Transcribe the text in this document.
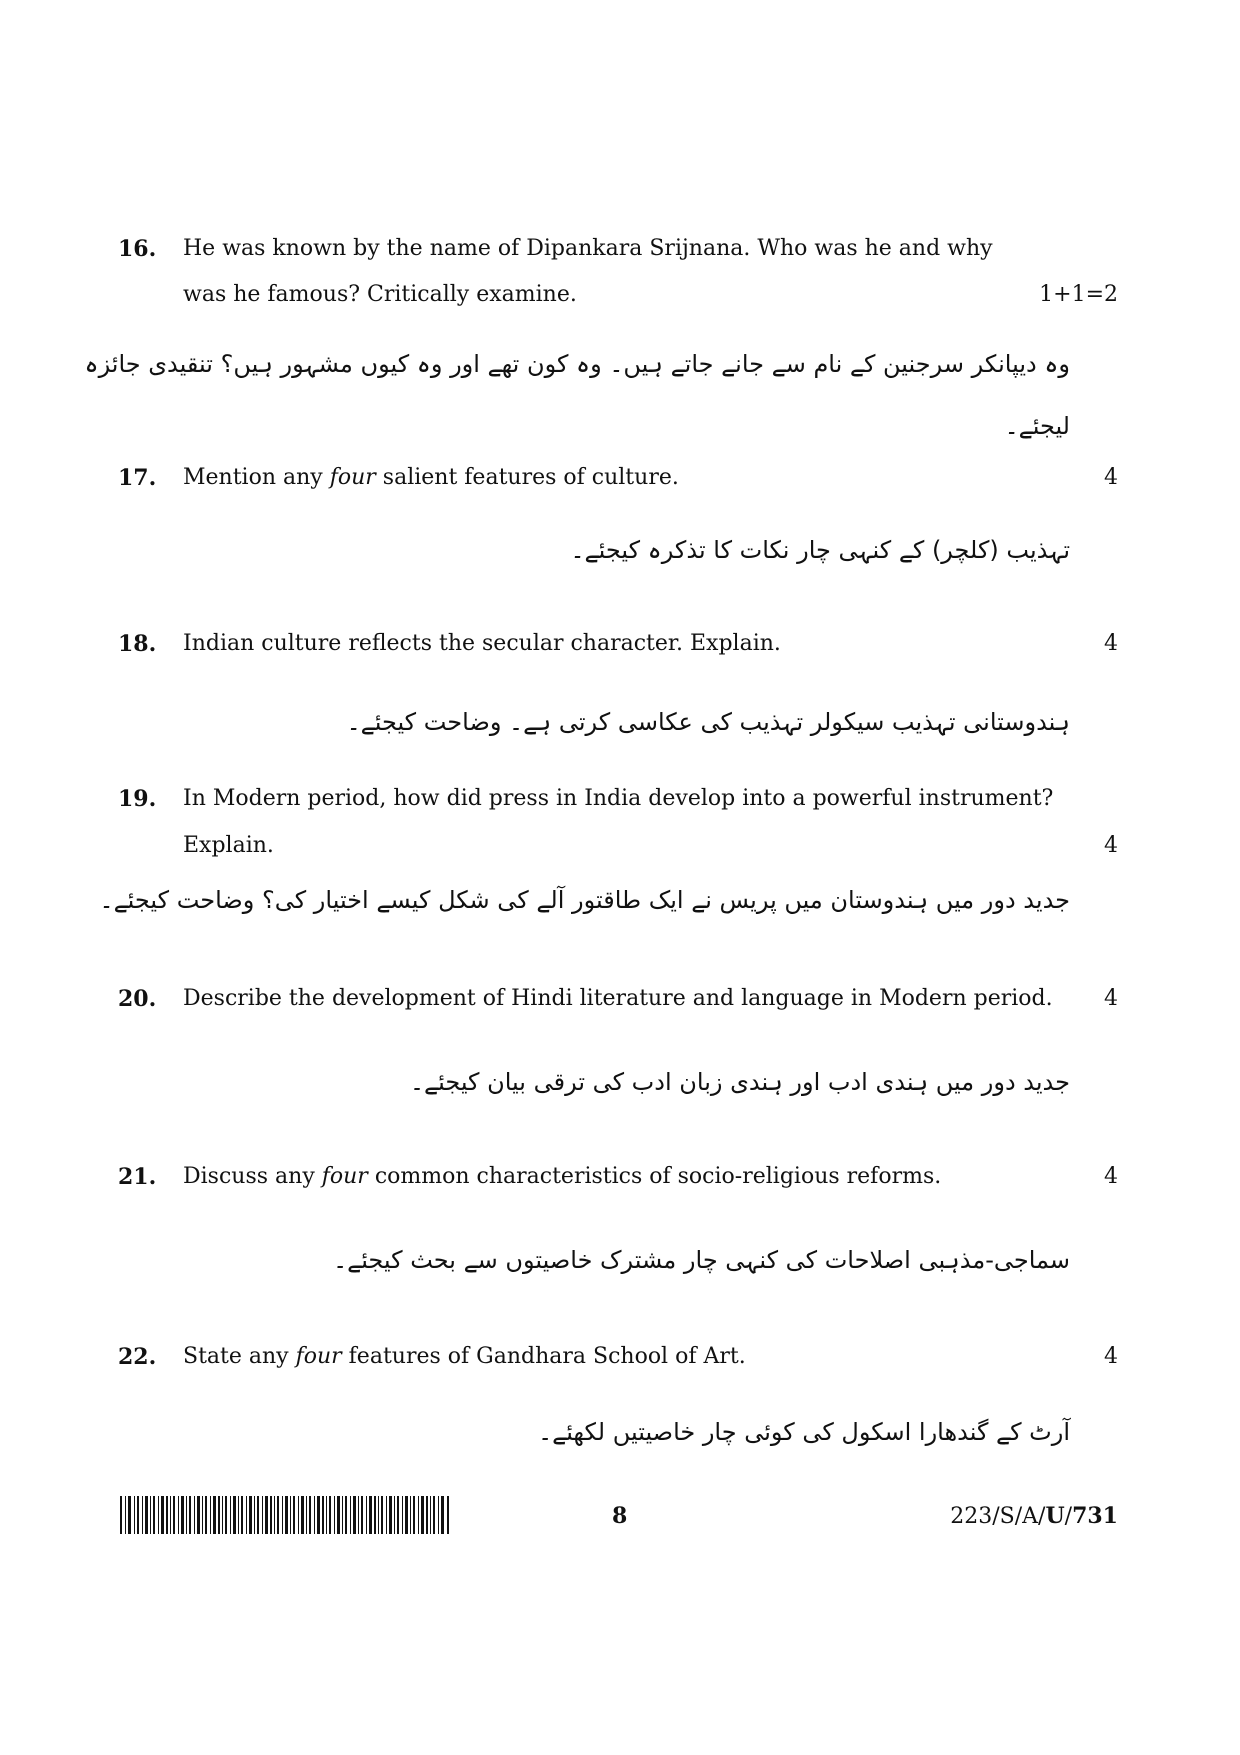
16. He was known by the name of Dipankara Srijnana. Who was he and why
was he famous? Critically examine.	1+1=2
وہ دیپانکر سرجنین کے نام سے جانے جاتے ہیں۔ وہ کون تھے اور وہ کیوں مشہور ہیں؟ تنقیدی جائزہ
لیجئے۔
17. Mention any four salient features of culture.	4
تہذیب (کلچر) کے کنہی چار نکات کا تذکرہ کیجئے۔
18. Indian culture reflects the secular character. Explain.	4
ہندوستانی تہذیب سیکولر تہذیب کی عکاسی کرتی ہے۔ وضاحت کیجئے۔
19. In Modern period, how did press in India develop into a powerful instrument?
Explain.	4
جدید دور میں ہندوستان میں پریس نے ایک طاقتور آلے کی شکل کیسے اختیار کی؟ وضاحت کیجئے۔
20. Describe the development of Hindi literature and language in Modern period. 4
جدید دور میں ہندی ادب اور ہندی زبان ادب کی ترقی بیان کیجئے۔
21. Discuss any four common characteristics of socio-religious reforms.	4
سماجی-مذہبی اصلاحات کی کنہی چار مشترک خاصیتوں سے بحث کیجئے۔
22. State any four features of Gandhara School of Art.	4
آرٹ کے گندھارا اسکول کی کوئی چار خاصیتیں لکھئے۔
8	223/S/A/U/731
